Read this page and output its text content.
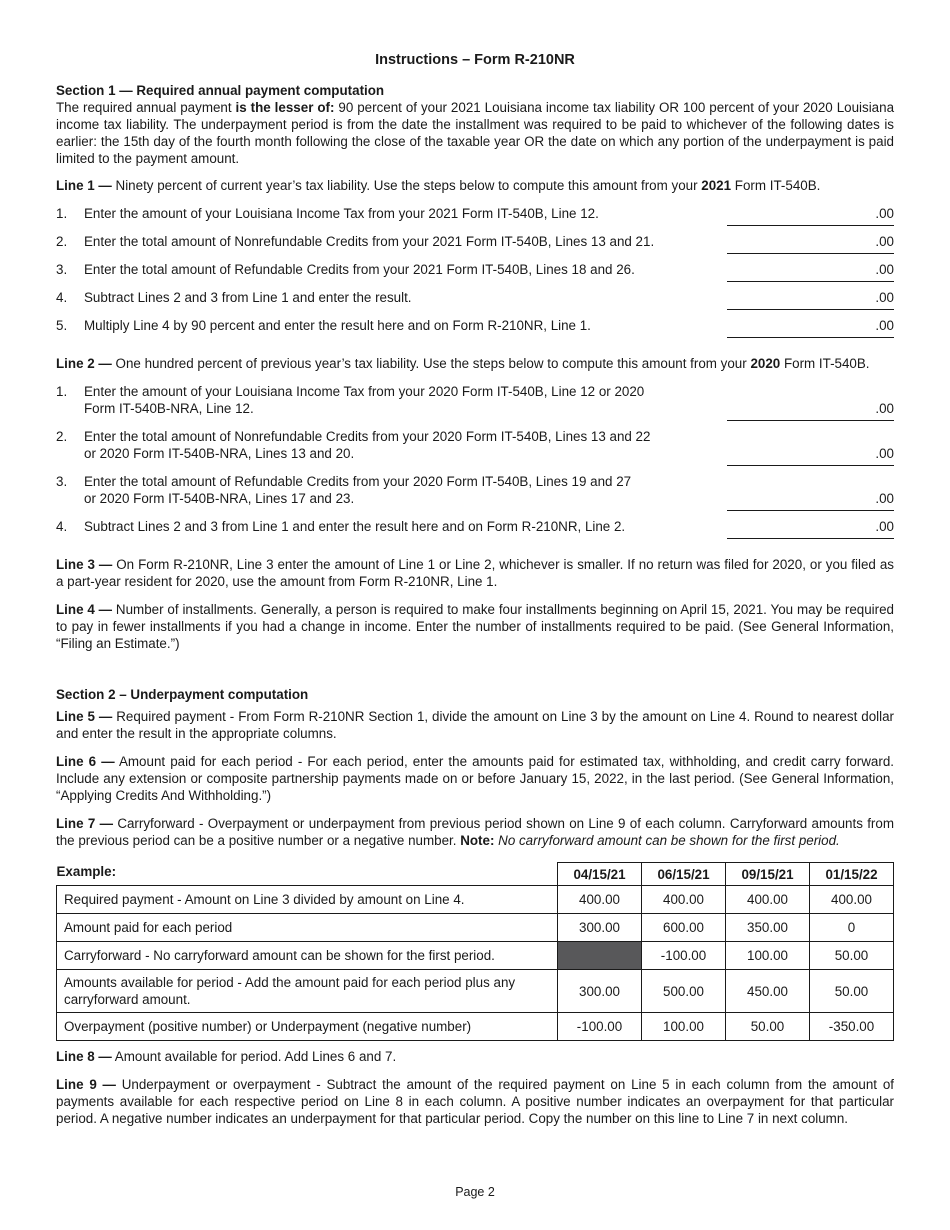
Instructions – Form R-210NR
Section 1 — Required annual payment computation
The required annual payment is the lesser of: 90 percent of your 2021 Louisiana income tax liability OR 100 percent of your 2020 Louisiana income tax liability. The underpayment period is from the date the installment was required to be paid to whichever of the following dates is earlier: the 15th day of the fourth month following the close of the taxable year OR the date on which any portion of the underpayment is paid limited to the payment amount.
Line 1 — Ninety percent of current year’s tax liability. Use the steps below to compute this amount from your 2021 Form IT-540B.
1.	Enter the amount of your Louisiana Income Tax from your 2021 Form IT-540B, Line 12.	.00
2.	Enter the total amount of Nonrefundable Credits from your 2021 Form IT-540B, Lines 13 and 21.	.00
3.	Enter the total amount of Refundable Credits from your 2021 Form IT-540B, Lines 18 and 26.	.00
4.	Subtract Lines 2 and 3 from Line 1 and enter the result.	.00
5.	Multiply Line 4 by 90 percent and enter the result here and on Form R-210NR, Line 1.	.00
Line 2 — One hundred percent of previous year’s tax liability. Use the steps below to compute this amount from your 2020 Form IT-540B.
1.	Enter the amount of your Louisiana Income Tax from your 2020 Form IT-540B, Line 12 or 2020
Form IT-540B-NRA, Line 12.	.00
2.	Enter the total amount of Nonrefundable Credits from your 2020 Form IT-540B, Lines 13 and 22
or 2020 Form IT-540B-NRA, Lines 13 and 20.	.00
3.	Enter the total amount of Refundable Credits from your 2020 Form IT-540B, Lines 19 and 27
or 2020 Form IT-540B-NRA, Lines 17 and 23.	.00
4.	Subtract Lines 2 and 3 from Line 1 and enter the result here and on Form R-210NR, Line 2.	.00
Line 3 — On Form R-210NR, Line 3 enter the amount of Line 1 or Line 2, whichever is smaller. If no return was filed for 2020, or you filed as a part-year resident for 2020, use the amount from Form R-210NR, Line 1.
Line 4 — Number of installments. Generally, a person is required to make four installments beginning on April 15, 2021. You may be required to pay in fewer installments if you had a change in income. Enter the number of installments required to be paid. (See General Information, “Filing an Estimate.”)
Section 2 – Underpayment computation
Line 5 — Required payment - From Form R-210NR Section 1, divide the amount on Line 3 by the amount on Line 4. Round to nearest dollar and enter the result in the appropriate columns.
Line 6 — Amount paid for each period - For each period, enter the amounts paid for estimated tax, withholding, and credit carry forward. Include any extension or composite partnership payments made on or before January 15, 2022, in the last period. (See General Information, “Applying Credits And Withholding.”)
Line 7 — Carryforward - Overpayment or underpayment from previous period shown on Line 9 of each column. Carryforward amounts from the previous period can be a positive number or a negative number. Note: No carryforward amount can be shown for the first period.
Example:	04/15/21	06/15/21	09/15/21	01/15/22
Required payment - Amount on Line 3 divided by amount on Line 4.	400.00	400.00	400.00	400.00
Amount paid for each period	300.00	600.00	350.00	0
Carryforward - No carryforward amount can be shown for the first period.		-100.00	100.00	50.00
Amounts available for period - Add the amount paid for each period plus any carryforward amount.	300.00	500.00	450.00	50.00
Overpayment (positive number) or Underpayment (negative number)	-100.00	100.00	50.00	-350.00
Line 8 — Amount available for period. Add Lines 6 and 7.
Line 9 — Underpayment or overpayment - Subtract the amount of the required payment on Line 5 in each column from the amount of payments available for each respective period on Line 8 in each column. A positive number indicates an overpayment for that particular period. A negative number indicates an underpayment for that particular period. Copy the number on this line to Line 7 in next column.
Page 2
